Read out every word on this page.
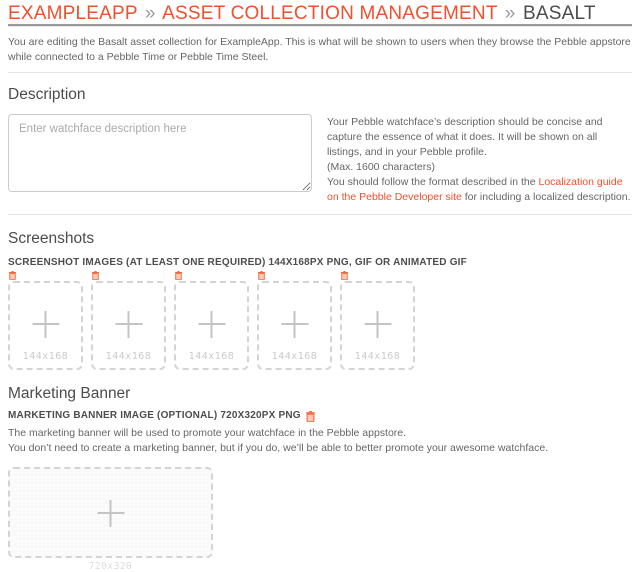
EXAMPLEAPP » ASSET COLLECTION MANAGEMENT » BASALT

You are editing the Basalt asset collection for ExampleApp. This is what will be shown to users when they browse the Pebble appstore while connected to a Pebble Time or Pebble Time Steel.

Description
Enter watchface description here
Your Pebble watchface’s description should be concise and capture the essence of what it does. It will be shown on all listings, and in your Pebble profile.
(Max. 1600 characters)
You should follow the format described in the Localization guide on the Pebble Developer site for including a localized description.
Screenshots
SCREENSHOT IMAGES (AT LEAST ONE REQUIRED) 144X168PX PNG, GIF OR ANIMATED GIF
144x168	144x168	144x168	144x168	144x168
Marketing Banner
MARKETING BANNER IMAGE (OPTIONAL) 720X320PX PNG
The marketing banner will be used to promote your watchface in the Pebble appstore.
You don’t need to create a marketing banner, but if you do, we’ll be able to better promote your awesome watchface.
720x320
